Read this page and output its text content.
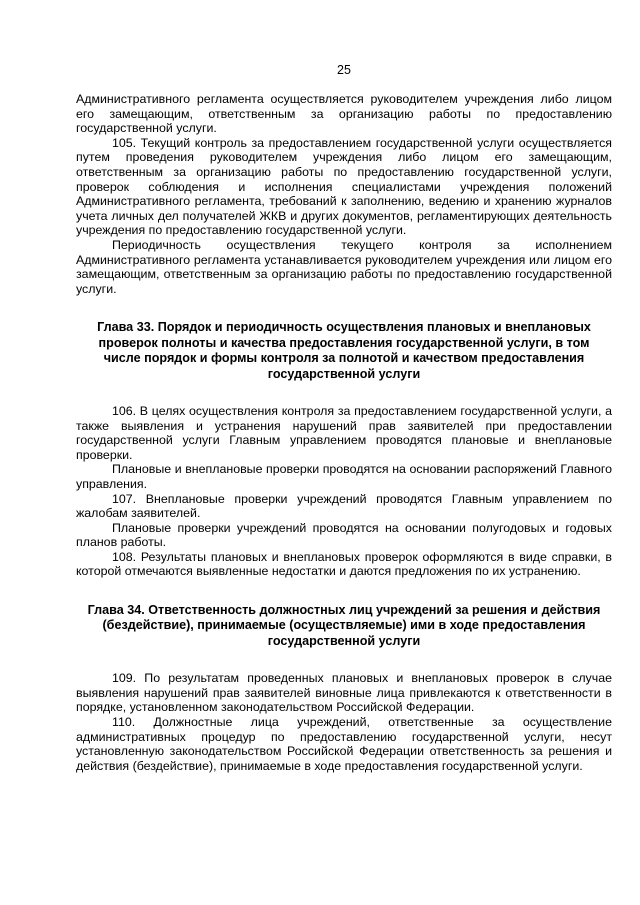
25

Административного регламента осуществляется руководителем учреждения либо лицом его замещающим, ответственным за организацию работы по предоставлению государственной услуги.

105. Текущий контроль за предоставлением государственной услуги осуществляется путем проведения руководителем учреждения либо лицом его замещающим, ответственным за организацию работы по предоставлению государственной услуги, проверок соблюдения и исполнения специалистами учреждения положений Административного регламента, требований к заполнению, ведению и хранению журналов учета личных дел получателей ЖКВ и других документов, регламентирующих деятельность учреждения по предоставлению государственной услуги.

Периодичность осуществления текущего контроля за исполнением Административного регламента устанавливается руководителем учреждения или лицом его замещающим, ответственным за организацию работы по предоставлению государственной услуги.

Глава 33. Порядок и периодичность осуществления плановых и внеплановых проверок полноты и качества предоставления государственной услуги, в том числе порядок и формы контроля за полнотой и качеством предоставления государственной услуги

106. В целях осуществления контроля за предоставлением государственной услуги, а также выявления и устранения нарушений прав заявителей при предоставлении государственной услуги Главным управлением проводятся плановые и внеплановые проверки.

Плановые и внеплановые проверки проводятся на основании распоряжений Главного управления.

107. Внеплановые проверки учреждений проводятся Главным управлением по жалобам заявителей.

Плановые проверки учреждений проводятся на основании полугодовых и годовых планов работы.

108. Результаты плановых и внеплановых проверок оформляются в виде справки, в которой отмечаются выявленные недостатки и даются предложения по их устранению.

Глава 34. Ответственность должностных лиц учреждений за решения и действия (бездействие), принимаемые (осуществляемые) ими в ходе предоставления государственной услуги

109. По результатам проведенных плановых и внеплановых проверок в случае выявления нарушений прав заявителей виновные лица привлекаются к ответственности в порядке, установленном законодательством Российской Федерации.

110. Должностные лица учреждений, ответственные за осуществление административных процедур по предоставлению государственной услуги, несут установленную законодательством Российской Федерации ответственность за решения и действия (бездействие), принимаемые в ходе предоставления государственной услуги.
